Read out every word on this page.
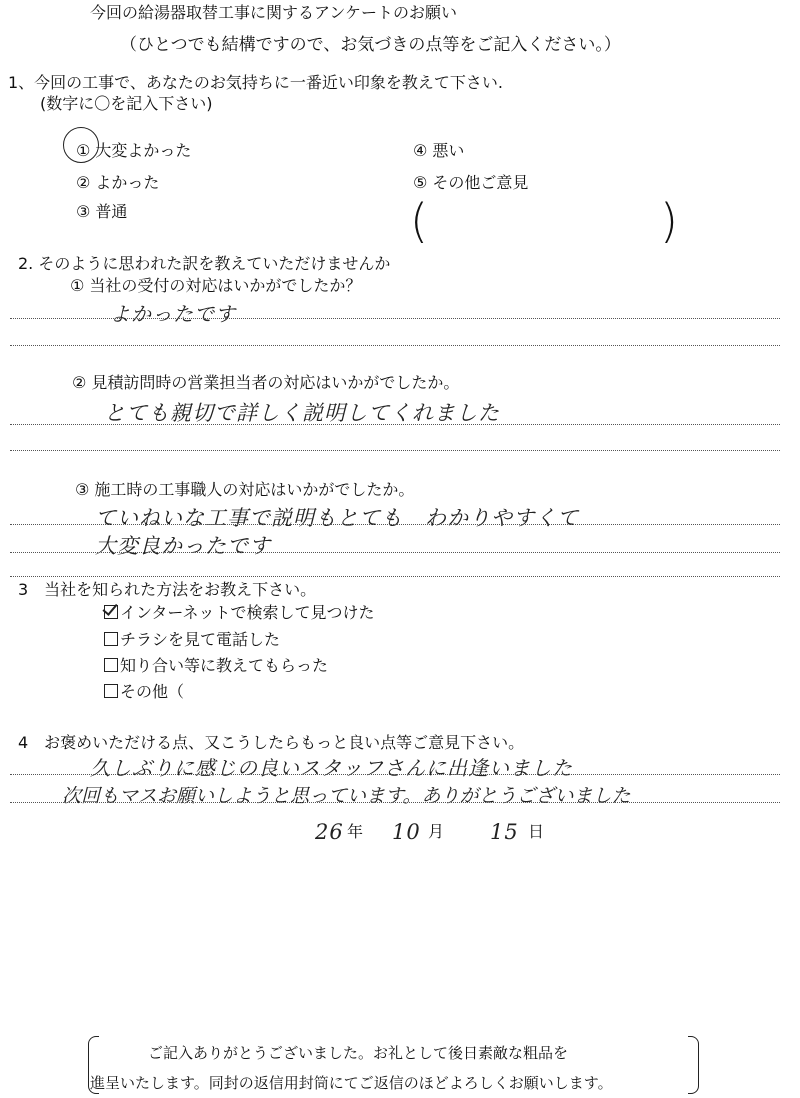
今回の給湯器取替工事に関するアンケートのお願い
（ひとつでも結構ですので、お気づきの点等をご記入ください。）
1、今回の工事で、あなたのお気持ちに一番近い印象を教えて下さい.
(数字に〇を記入下さい)
① 大変よかった
② よかった
③ 普通
④ 悪い
⑤ その他ご意見
(	)
2. そのように思われた訳を教えていただけませんか
① 当社の受付の対応はいかがでしたか？
よかったです
② 見積訪問時の営業担当者の対応はいかがでしたか。
とても親切で詳しく説明してくれました
③ 施工時の工事職人の対応はいかがでしたか。
ていねいな工事で説明もとても　わかりやすくて
大変良かったです
3　当社を知られた方法をお教え下さい。
インターネットで検索して見つけた
チラシを見て電話した
知り合い等に教えてもらった
その他（
4　お褒めいただける点、又こうしたらもっと良い点等ご意見下さい。
久しぶりに感じの良いスタッフさんに出逢いました
次回もマスお願いしようと思っています。ありがとうございました
26 年 10 月 15 日
ご記入ありがとうございました。お礼として後日素敵な粗品を
進呈いたします。同封の返信用封筒にてご返信のほどよろしくお願いします。
